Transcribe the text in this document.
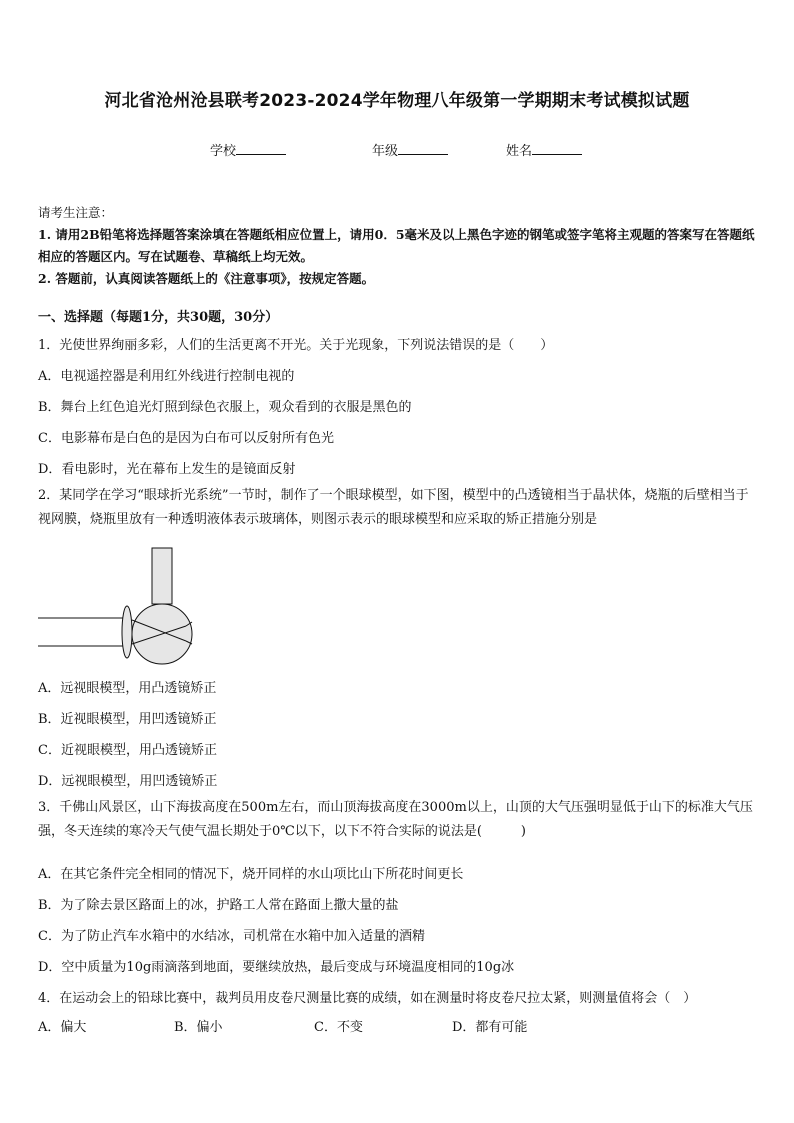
河北省沧州沧县联考2023-2024学年物理八年级第一学期期末考试模拟试题
学校	年级	姓名
请考生注意：
1. 请用2B铅笔将选择题答案涂填在答题纸相应位置上，请用0．5毫米及以上黑色字迹的钢笔或签字笔将主观题的答案写在答题纸相应的答题区内。写在试题卷、草稿纸上均无效。
2. 答题前，认真阅读答题纸上的《注意事项》，按规定答题。
一、选择题（每题1分，共30题，30分）
1．光使世界绚丽多彩，人们的生活更离不开光。关于光现象，下列说法错误的是（　　）
A．电视遥控器是利用红外线进行控制电视的
B．舞台上红色追光灯照到绿色衣服上，观众看到的衣服是黑色的
C．电影幕布是白色的是因为白布可以反射所有色光
D．看电影时，光在幕布上发生的是镜面反射
2．某同学在学习“眼球折光系统”一节时，制作了一个眼球模型，如下图，模型中的凸透镜相当于晶状体，烧瓶的后壁相当于视网膜，烧瓶里放有一种透明液体表示玻璃体，则图示表示的眼球模型和应采取的矫正措施分别是
A．远视眼模型，用凸透镜矫正
B．近视眼模型，用凹透镜矫正
C．近视眼模型，用凸透镜矫正
D．远视眼模型，用凹透镜矫正
3．千佛山风景区，山下海拔高度在500m左右，而山顶海拔高度在3000m以上，山顶的大气压强明显低于山下的标准大气压强，冬天连续的寒冷天气使气温长期处于0℃以下，以下不符合实际的说法是(　　　)
A．在其它条件完全相同的情况下，烧开同样的水山项比山下所花时间更长
B．为了除去景区路面上的冰，护路工人常在路面上撒大量的盐
C．为了防止汽车水箱中的水结冰，司机常在水箱中加入适量的酒精
D．空中质量为10g雨滴落到地面，要继续放热，最后变成与环境温度相同的10g冰
4．在运动会上的铅球比赛中，裁判员用皮卷尺测量比赛的成绩，如在测量时将皮卷尺拉太紧，则测量值将会（　）
A．偏大	B．偏小	C．不变	D．都有可能
